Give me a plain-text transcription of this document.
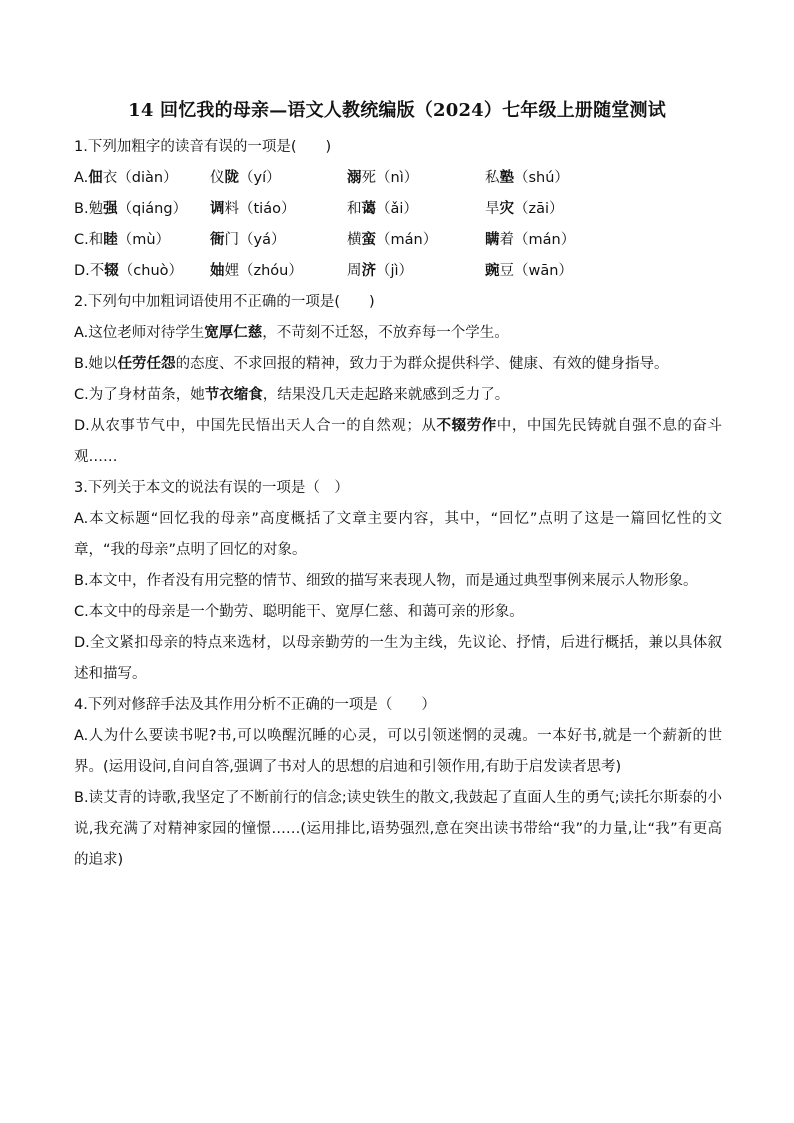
14 回忆我的母亲—语文人教统编版（2024）七年级上册随堂测试
1.下列加粗字的读音有误的一项是(　　)
A.佃衣（diàn）	仪陇（yí）	溺死（nì）	私塾（shú）
B.勉强（qiáng）	调料（tiáo）	和蔼（ǎi）	旱灾（zāi）
C.和睦（mù）	衙门（yá）	横蛮（mán）	瞒着（mán）
D.不辍（chuò）	妯娌（zhóu）	周济（jì）	豌豆（wān）
2.下列句中加粗词语使用不正确的一项是(　　)
A.这位老师对待学生宽厚仁慈，不苛刻不迁怒，不放弃每一个学生。
B.她以任劳任怨的态度、不求回报的精神，致力于为群众提供科学、健康、有效的健身指导。
C.为了身材苗条，她节衣缩食，结果没几天走起路来就感到乏力了。
D.从农事节气中，中国先民悟出天人合一的自然观；从不辍劳作中，中国先民铸就自强不息的奋斗观……
3.下列关于本文的说法有误的一项是（　）
A.本文标题“回忆我的母亲”高度概括了文章主要内容，其中，“回忆”点明了这是一篇回忆性的文章，“我的母亲”点明了回忆的对象。
B.本文中，作者没有用完整的情节、细致的描写来表现人物，而是通过典型事例来展示人物形象。
C.本文中的母亲是一个勤劳、聪明能干、宽厚仁慈、和蔼可亲的形象。
D.全文紧扣母亲的特点来选材，以母亲勤劳的一生为主线，先议论、抒情，后进行概括，兼以具体叙述和描写。
4.下列对修辞手法及其作用分析不正确的一项是（　　）
A.人为什么要读书呢?书,可以唤醒沉睡的心灵，可以引领迷惘的灵魂。一本好书,就是一个薪新的世界。(运用设问,自问自答,强调了书对人的思想的启迪和引领作用,有助于启发读者思考)
B.读艾青的诗歌,我坚定了不断前行的信念;读史铁生的散文,我鼓起了直面人生的勇气;读托尔斯泰的小说,我充满了对精神家园的憧憬……(运用排比,语势强烈,意在突出读书带给“我”的力量,让“我”有更高的追求)
